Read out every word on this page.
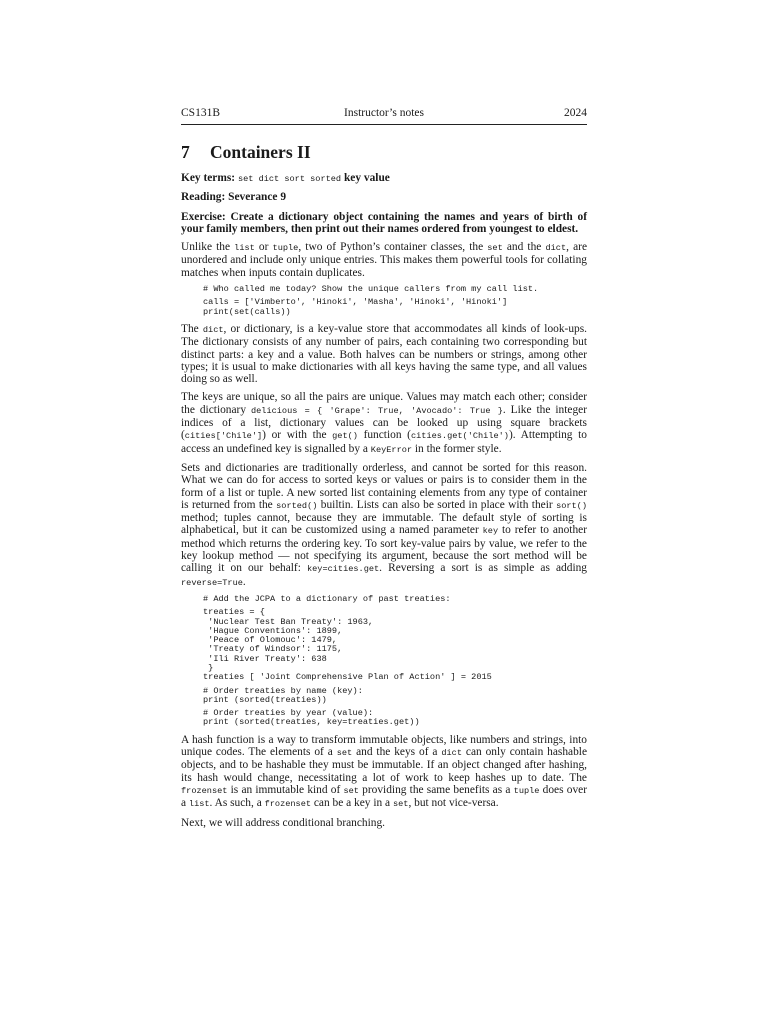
CS131B	Instructor’s notes	2024
7 Containers II

Key terms: set dict sort sorted key value

Reading: Severance 9

Exercise: Create a dictionary object containing the names and years of birth of your family members, then print out their names ordered from youngest to eldest.

Unlike the list or tuple, two of Python’s container classes, the set and the dict, are unordered and include only unique entries. This makes them powerful tools for collating matches when inputs contain duplicates.

# Who called me today? Show the unique callers from my call list.

calls = ['Vimberto', 'Hinoki', 'Masha', 'Hinoki', 'Hinoki']
print(set(calls))

The dict, or dictionary, is a key-value store that accommodates all kinds of look-ups. The dictionary consists of any number of pairs, each containing two corresponding but distinct parts: a key and a value. Both halves can be numbers or strings, among other types; it is usual to make dictionaries with all keys having the same type, and all values doing so as well.

The keys are unique, so all the pairs are unique. Values may match each other; consider the dictionary delicious = { 'Grape': True, 'Avocado': True }. Like the integer indices of a list, dictionary values can be looked up using square brackets (cities['Chile']) or with the get() function (cities.get('Chile')). Attempting to access an undefined key is signalled by a KeyError in the former style.

Sets and dictionaries are traditionally orderless, and cannot be sorted for this reason. What we can do for access to sorted keys or values or pairs is to consider them in the form of a list or tuple. A new sorted list containing elements from any type of container is returned from the sorted() builtin. Lists can also be sorted in place with their sort() method; tuples cannot, because they are immutable. The default style of sorting is alphabetical, but it can be customized using a named parameter key to refer to another method which returns the ordering key. To sort key-value pairs by value, we refer to the key lookup method — not specifying its argument, because the sort method will be calling it on our behalf: key=cities.get. Reversing a sort is as simple as adding reverse=True.

# Add the JCPA to a dictionary of past treaties:

treaties = {
'Nuclear Test Ban Treaty': 1963,
'Hague Conventions': 1899,
'Peace of Olomouc': 1479,
'Treaty of Windsor': 1175,
'Ili River Treaty': 638
}
treaties [ 'Joint Comprehensive Plan of Action' ] = 2015

# Order treaties by name (key):
print (sorted(treaties))

# Order treaties by year (value):
print (sorted(treaties, key=treaties.get))

A hash function is a way to transform immutable objects, like numbers and strings, into unique codes. The elements of a set and the keys of a dict can only contain hashable objects, and to be hashable they must be immutable. If an object changed after hashing, its hash would change, necessitating a lot of work to keep hashes up to date. The frozenset is an immutable kind of set providing the same benefits as a tuple does over a list. As such, a frozenset can be a key in a set, but not vice-versa.

Next, we will address conditional branching.
